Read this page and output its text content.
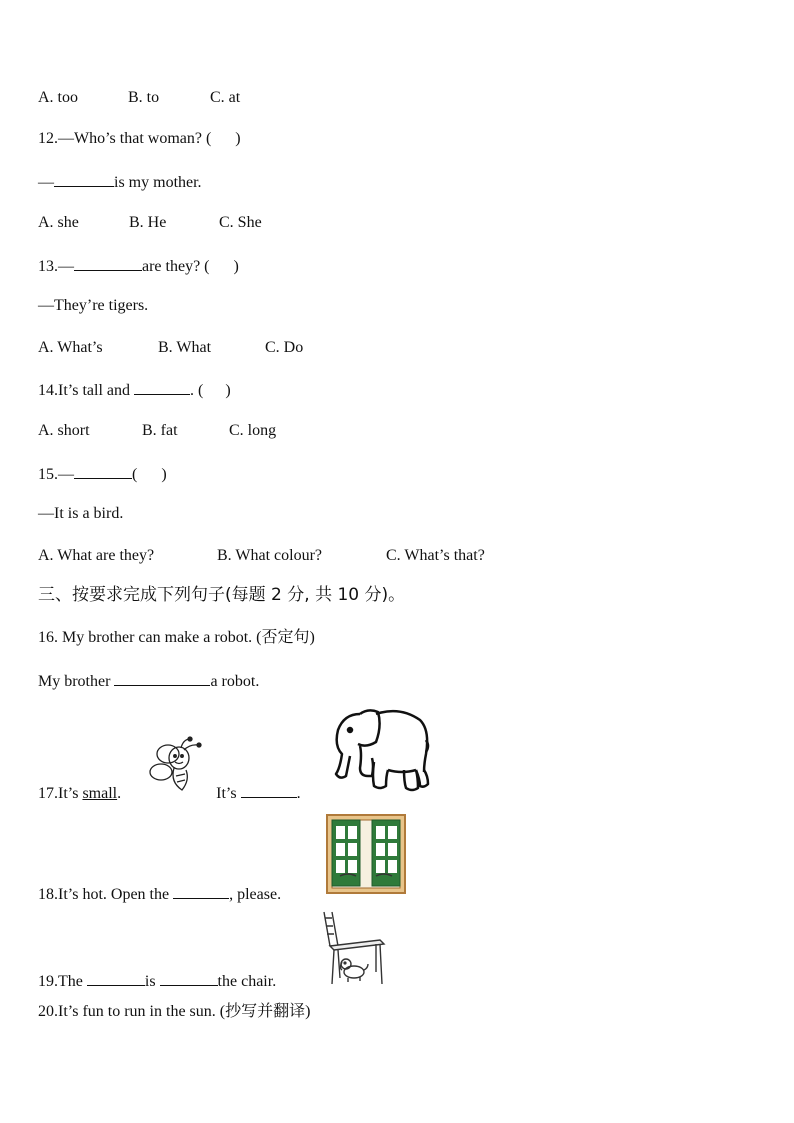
A. too	B. to	C. at
12.—Who’s that woman? ( )
—	is my mother.
A. she	B. He	C. She
13.—	are they? ( )
—They’re tigers.
A. What’s	B. What	C. Do
14.It’s tall and	. ( )
A. short	B. fat	C. long
15.—	( )
—It is a bird.
A. What are they?	B. What colour?	C. What’s that?
三、按要求完成下列句子(每题 2 分, 共 10 分)。
16. My brother can make a robot. (否定句)
My brother	a robot.
17.It’s small.	It’s	.
18.It’s hot. Open the	, please.
19.The	is	the chair.
20.It’s fun to run in the sun. (抄写并翻译)
